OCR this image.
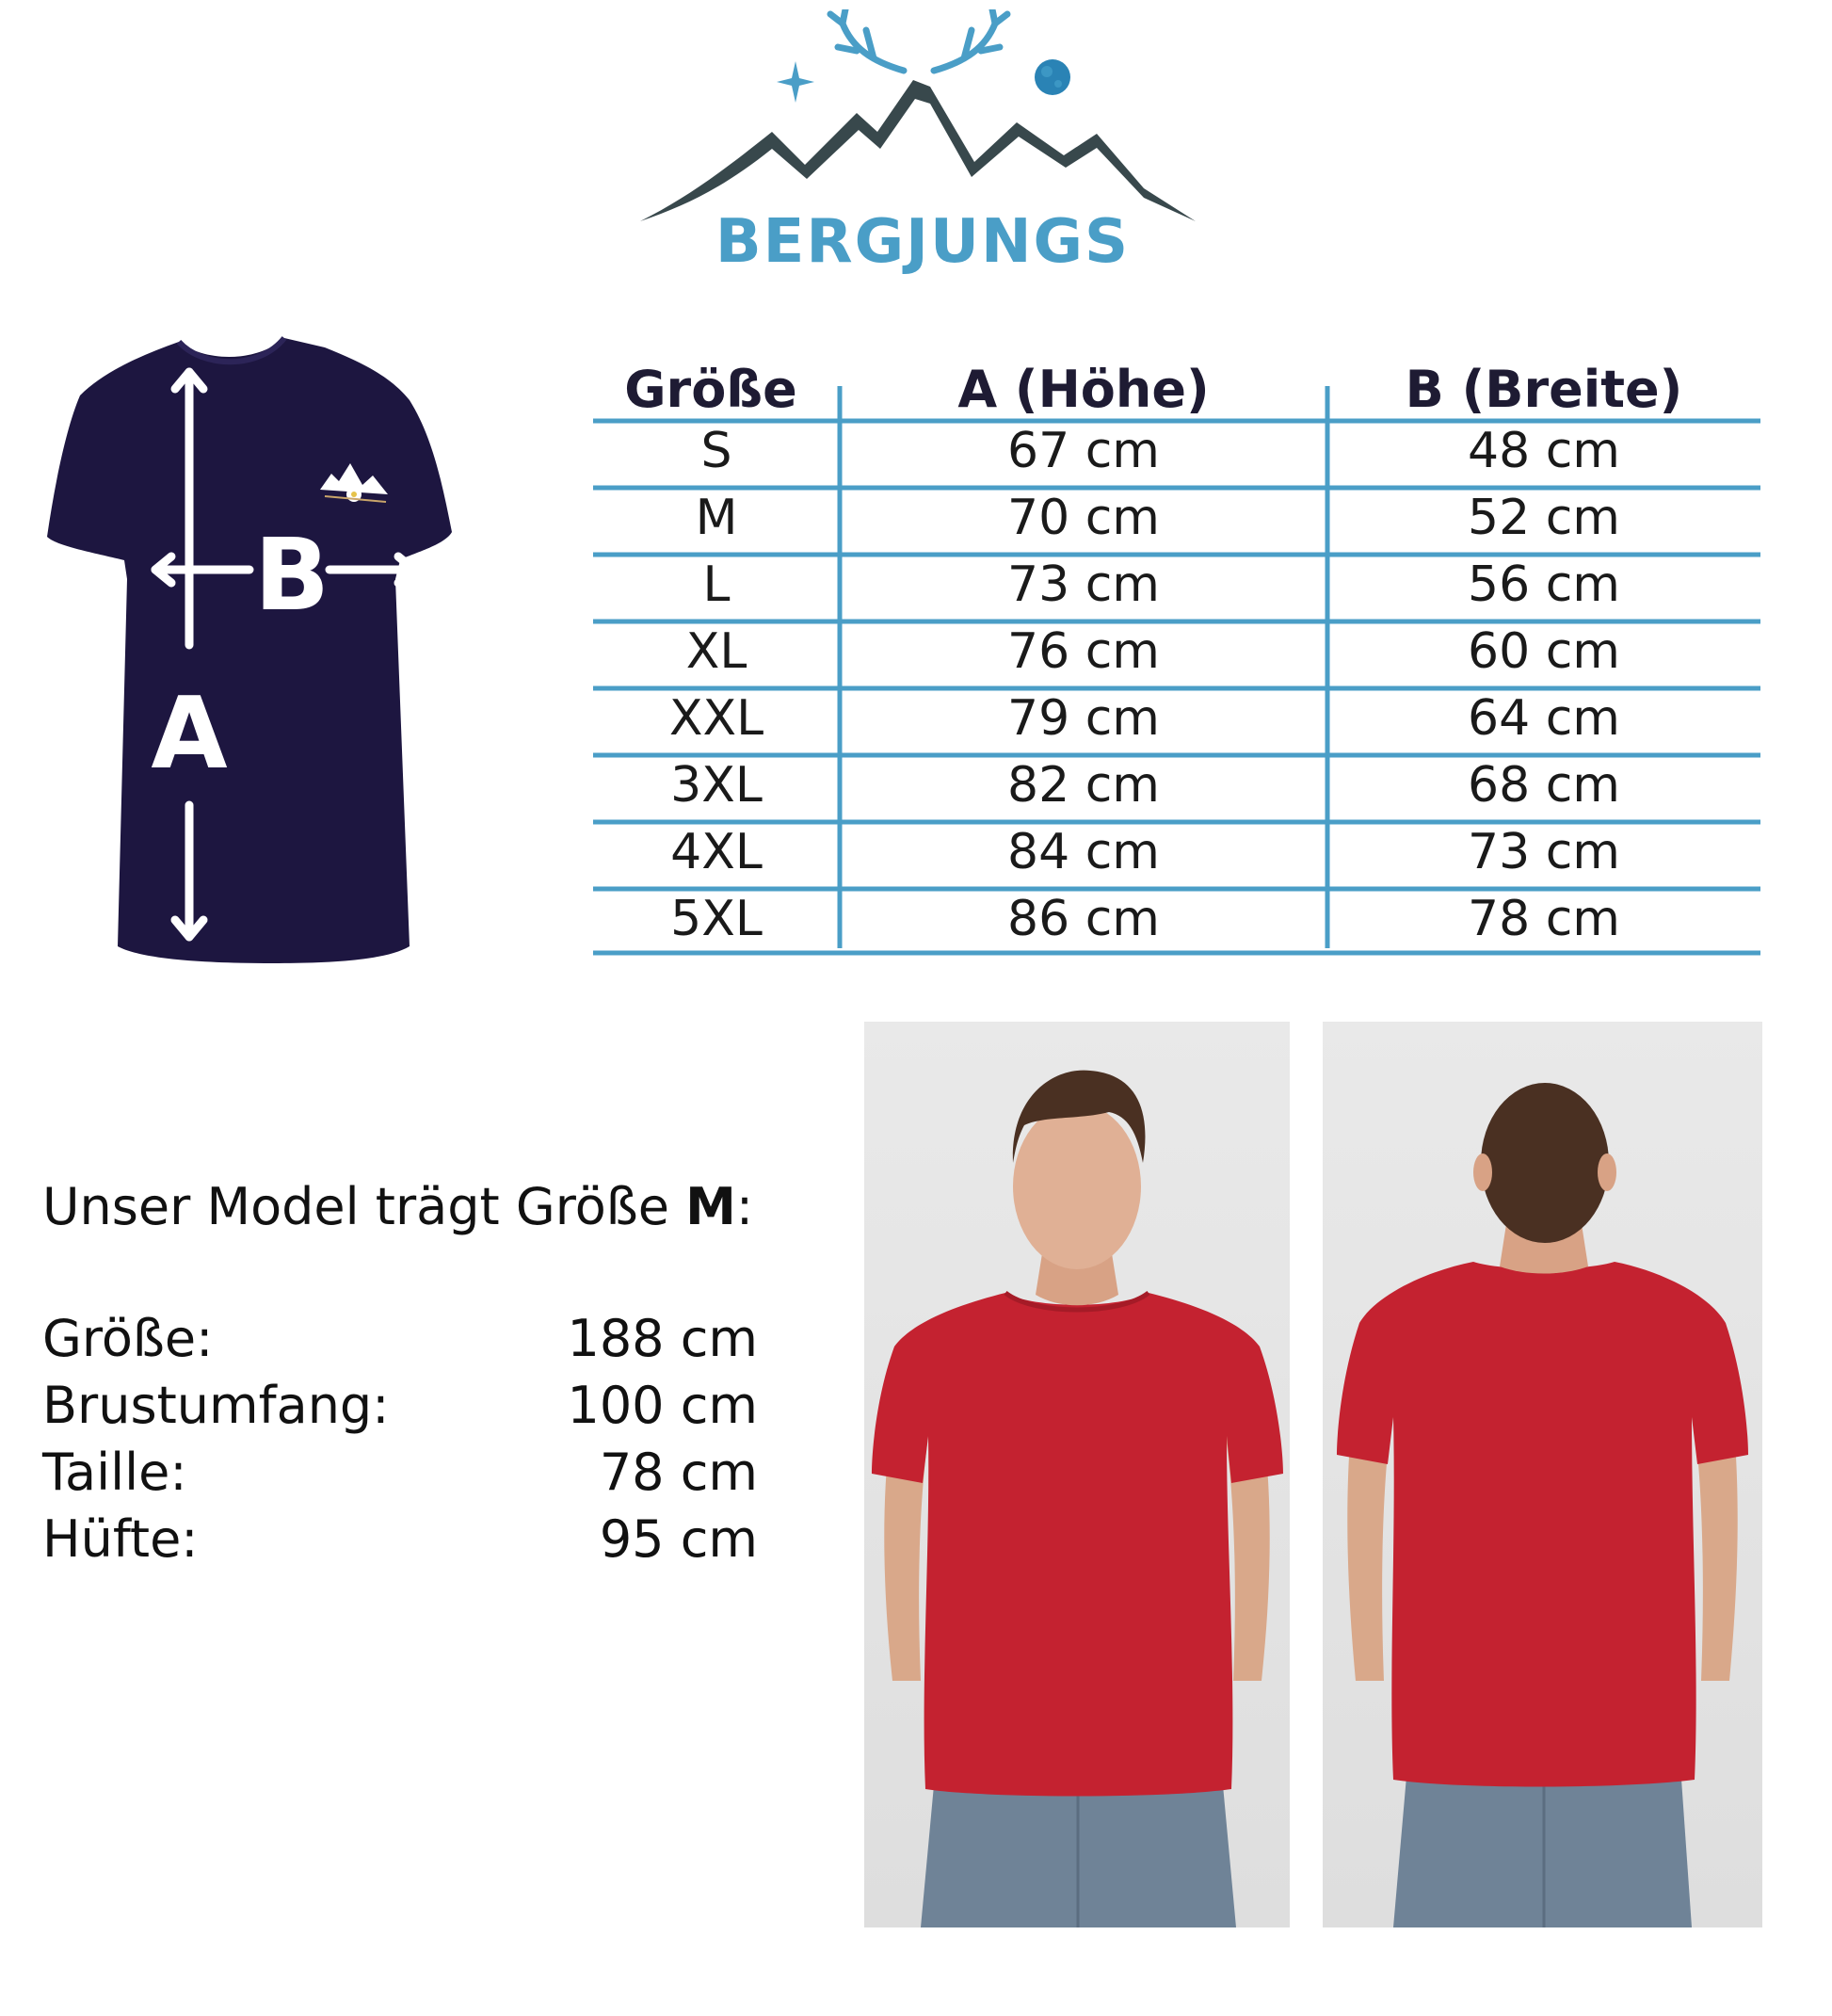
BERGJUNGS
B
A
Größe	A (Höhe)	B (Breite)
S	67 cm	48 cm
M	70 cm	52 cm
L	73 cm	56 cm
XL	76 cm	60 cm
XXL	79 cm	64 cm
3XL	82 cm	68 cm
4XL	84 cm	73 cm
5XL	86 cm	78 cm
Unser Model trägt Größe M:
Größe:	188 cm
Brustumfang:	100 cm
Taille:	78 cm
Hüfte:	95 cm
